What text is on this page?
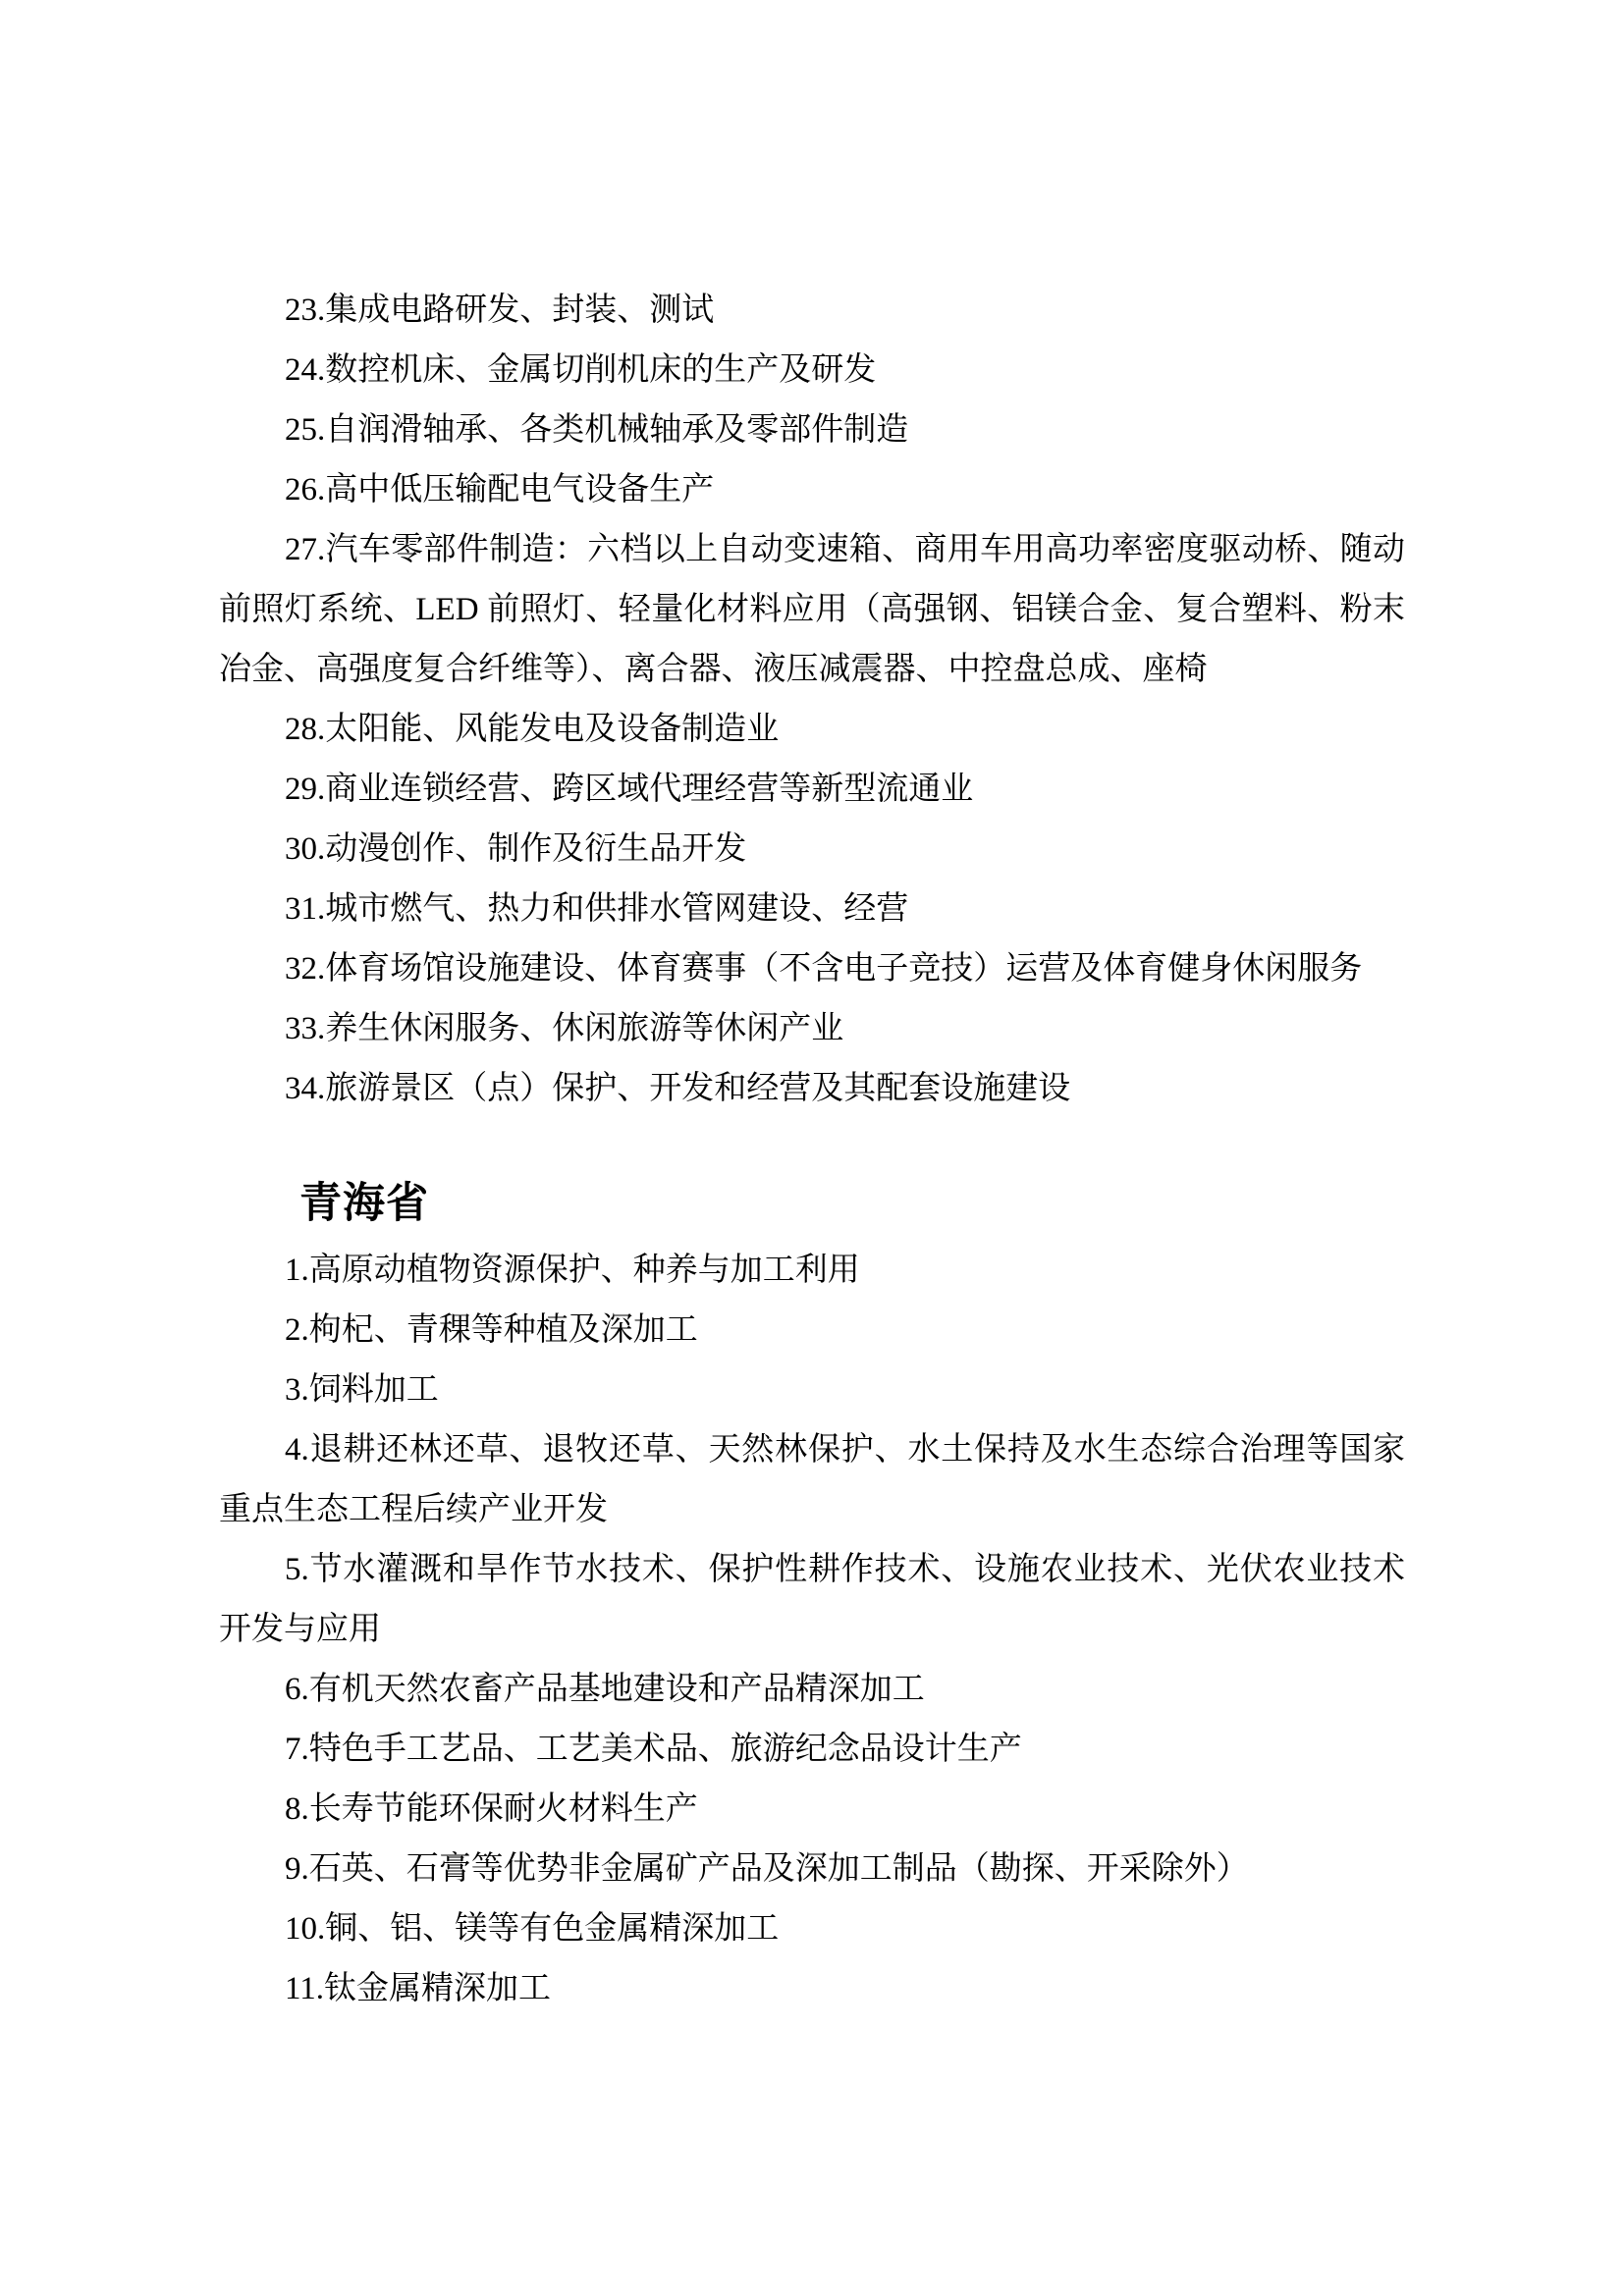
23.集成电路研发、封装、测试
24.数控机床、金属切削机床的生产及研发
25.自润滑轴承、各类机械轴承及零部件制造
26.高中低压输配电气设备生产
27.汽车零部件制造：六档以上自动变速箱、商用车用高功率密度驱动桥、随动
前照灯系统、LED 前照灯、轻量化材料应用（高强钢、铝镁合金、复合塑料、粉末
冶金、高强度复合纤维等）、离合器、液压减震器、中控盘总成、座椅
28.太阳能、风能发电及设备制造业
29.商业连锁经营、跨区域代理经营等新型流通业
30.动漫创作、制作及衍生品开发
31.城市燃气、热力和供排水管网建设、经营
32.体育场馆设施建设、体育赛事（不含电子竞技）运营及体育健身休闲服务
33.养生休闲服务、休闲旅游等休闲产业
34.旅游景区（点）保护、开发和经营及其配套设施建设
青海省
1.高原动植物资源保护、种养与加工利用
2.枸杞、青稞等种植及深加工
3.饲料加工
4.退耕还林还草、退牧还草、天然林保护、水土保持及水生态综合治理等国家
重点生态工程后续产业开发
5.节水灌溉和旱作节水技术、保护性耕作技术、设施农业技术、光伏农业技术
开发与应用
6.有机天然农畜产品基地建设和产品精深加工
7.特色手工艺品、工艺美术品、旅游纪念品设计生产
8.长寿节能环保耐火材料生产
9.石英、石膏等优势非金属矿产品及深加工制品（勘探、开采除外）
10.铜、铝、镁等有色金属精深加工
11.钛金属精深加工
